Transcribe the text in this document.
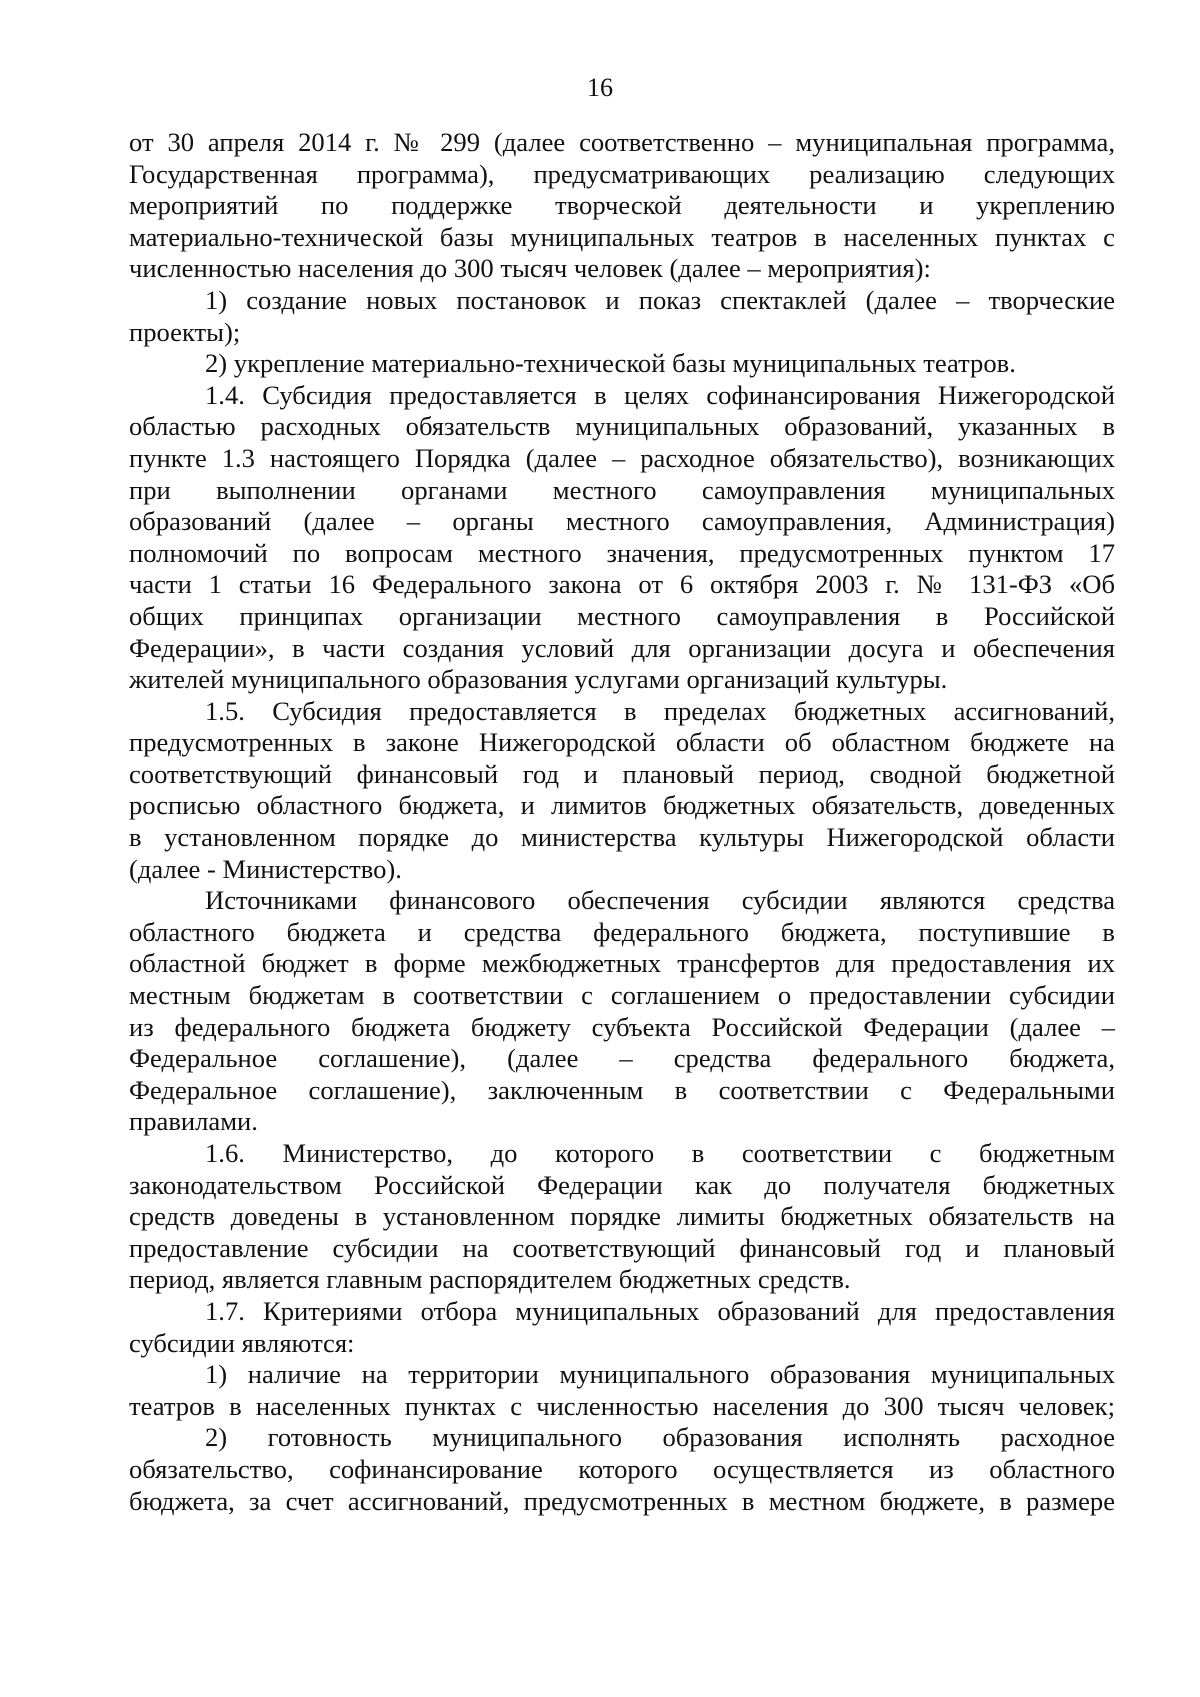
16
от 30 апреля 2014 г. № 299 (далее соответственно – муниципальная программа,
Государственная программа), предусматривающих реализацию следующих
мероприятий по поддержке творческой деятельности и укреплению
материально-технической базы муниципальных театров в населенных пунктах с
численностью населения до 300 тысяч человек (далее – мероприятия):
1) создание новых постановок и показ спектаклей (далее – творческие
проекты);
2) укрепление материально-технической базы муниципальных театров.
1.4. Субсидия предоставляется в целях софинансирования Нижегородской
областью расходных обязательств муниципальных образований, указанных в
пункте 1.3 настоящего Порядка (далее – расходное обязательство), возникающих
при выполнении органами местного самоуправления муниципальных
образований (далее – органы местного самоуправления, Администрация)
полномочий по вопросам местного значения, предусмотренных пунктом 17
части 1 статьи 16 Федерального закона от 6 октября 2003 г. № 131-ФЗ «Об
общих принципах организации местного самоуправления в Российской
Федерации», в части создания условий для организации досуга и обеспечения
жителей муниципального образования услугами организаций культуры.
1.5. Субсидия предоставляется в пределах бюджетных ассигнований,
предусмотренных в законе Нижегородской области об областном бюджете на
соответствующий финансовый год и плановый период, сводной бюджетной
росписью областного бюджета, и лимитов бюджетных обязательств, доведенных
в установленном порядке до министерства культуры Нижегородской области
(далее - Министерство).
Источниками финансового обеспечения субсидии являются средства
областного бюджета и средства федерального бюджета, поступившие в
областной бюджет в форме межбюджетных трансфертов для предоставления их
местным бюджетам в соответствии с соглашением о предоставлении субсидии
из федерального бюджета бюджету субъекта Российской Федерации (далее –
Федеральное соглашение), (далее – средства федерального бюджета,
Федеральное соглашение), заключенным в соответствии с Федеральными
правилами.
1.6. Министерство, до которого в соответствии с бюджетным
законодательством Российской Федерации как до получателя бюджетных
средств доведены в установленном порядке лимиты бюджетных обязательств на
предоставление субсидии на соответствующий финансовый год и плановый
период, является главным распорядителем бюджетных средств.
1.7. Критериями отбора муниципальных образований для предоставления
субсидии являются:
1) наличие на территории муниципального образования муниципальных
театров в населенных пунктах с численностью населения до 300 тысяч человек;
2) готовность муниципального образования исполнять расходное
обязательство, софинансирование которого осуществляется из областного
бюджета, за счет ассигнований, предусмотренных в местном бюджете, в размере
